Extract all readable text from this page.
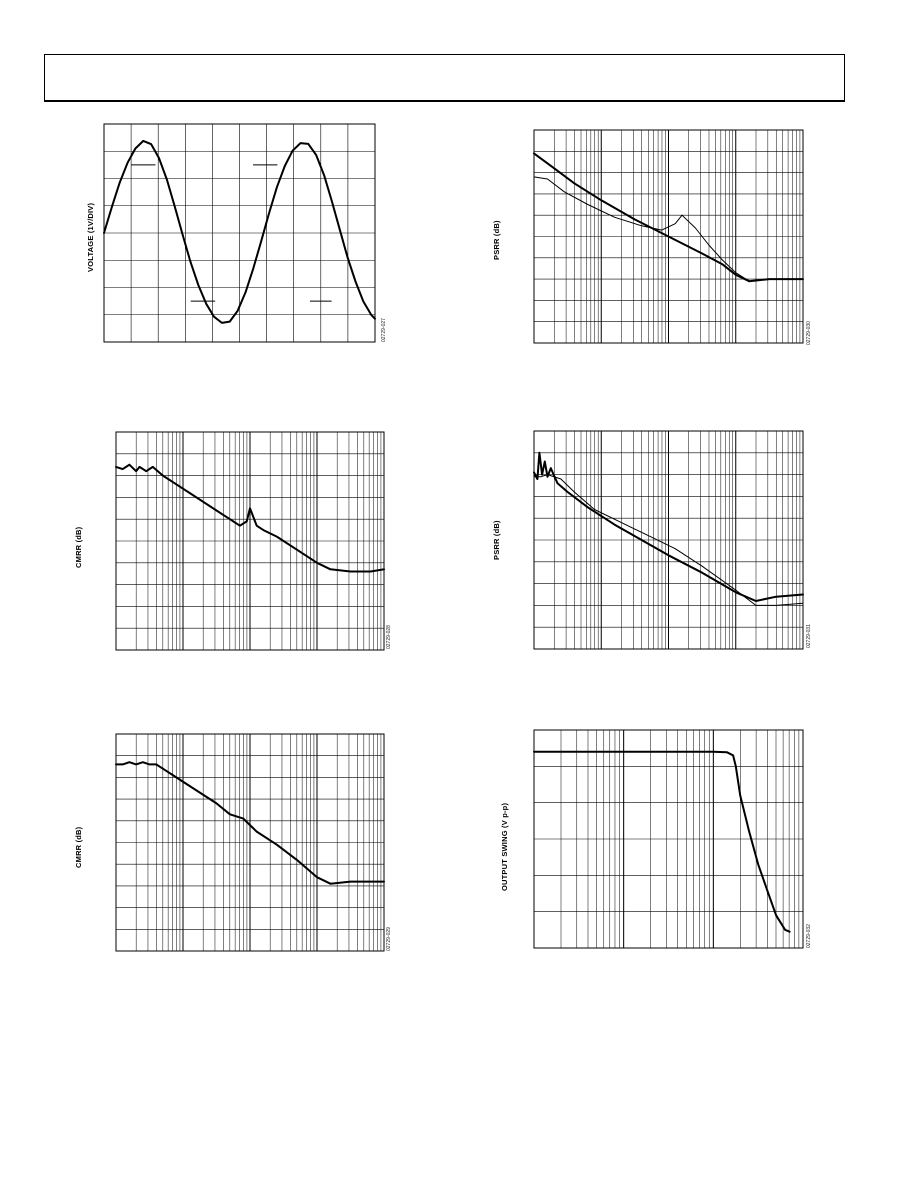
VOLTAGE (1V/DIV)
02729-027
PSRR (dB)
02729-030
CMRR (dB)
02729-028
PSRR (dB)
02729-031
CMRR (dB)
02729-029
OUTPUT SWING (V p-p)
02729-032
